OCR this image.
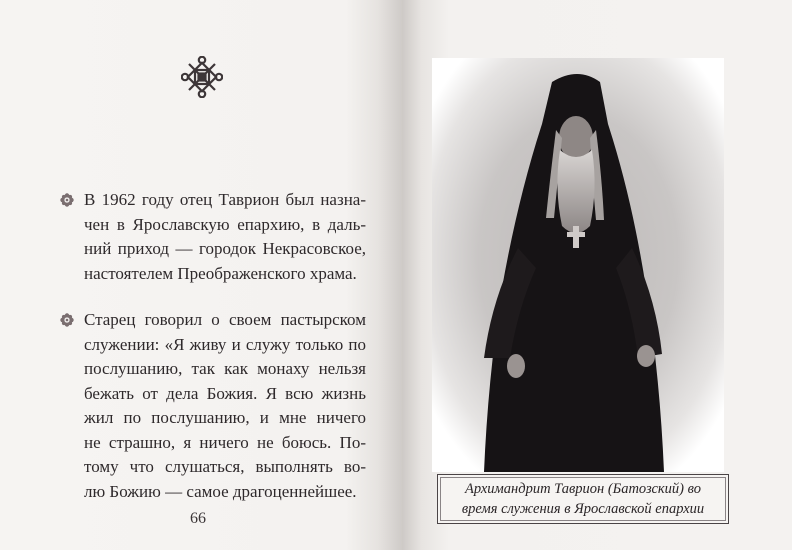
В 1962 году отец Таврион был назна-
чен в Ярославскую епархию, в даль-
ний приход — городок Некрасовское,
настоятелем Преображенского храма.
Старец говорил о своем пастырском
служении: «Я живу и служу только по
послушанию, так как монаху нельзя
бежать от дела Божия. Я всю жизнь
жил по послушанию, и мне ничего
не страшно, я ничего не боюсь. По-
тому что слушаться, выполнять во-
лю Божию — самое драгоценнейшее.
66
Архимандрит Таврион (Батозский) во
время служения в Ярославской епархии
